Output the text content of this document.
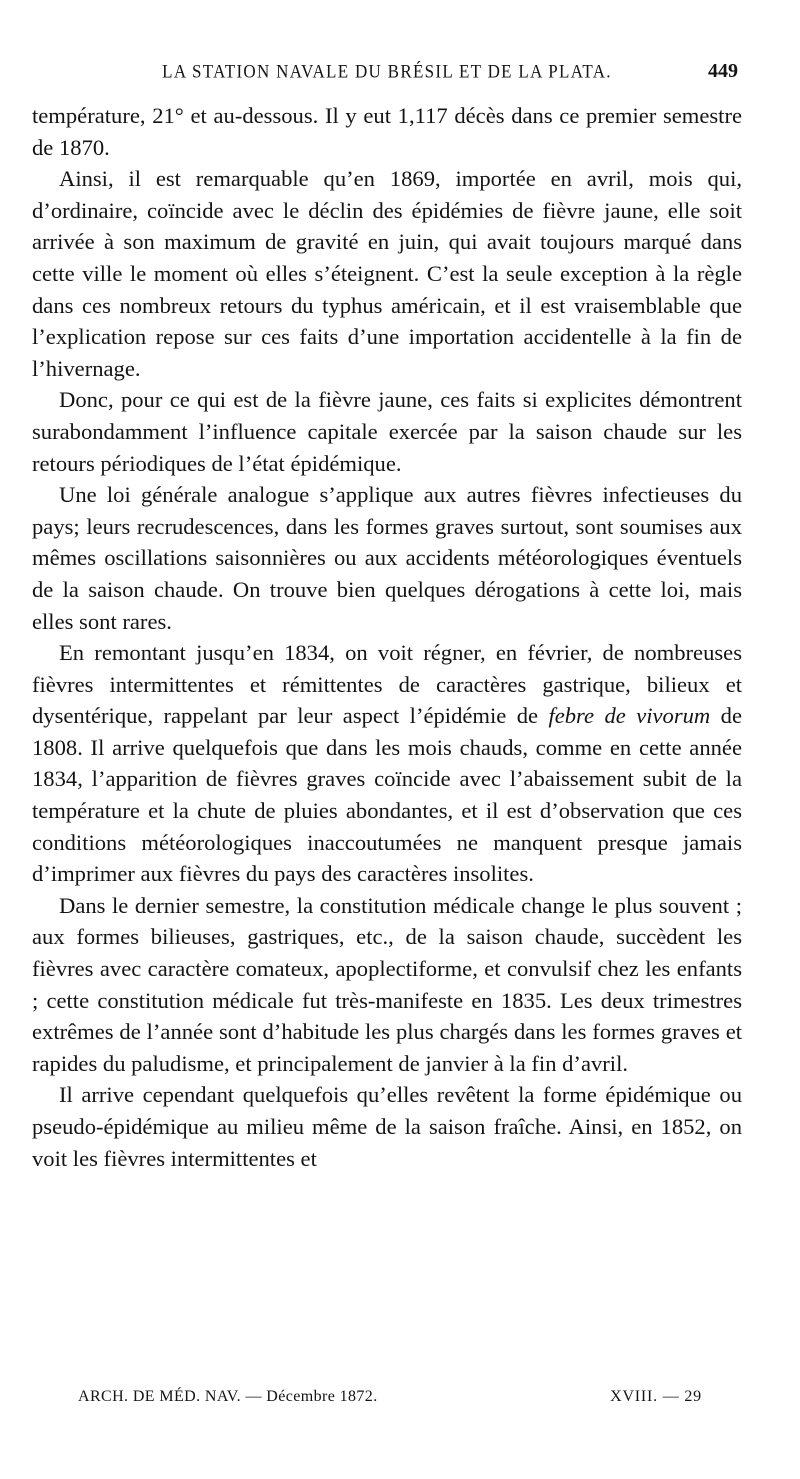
LA STATION NAVALE DU BRÉSIL ET DE LA PLATA.	449

température, 21° et au-dessous. Il y eut 1,117 décès dans ce premier semestre de 1870.

Ainsi, il est remarquable qu’en 1869, importée en avril, mois qui, d’ordinaire, coïncide avec le déclin des épidémies de fièvre jaune, elle soit arrivée à son maximum de gravité en juin, qui avait toujours marqué dans cette ville le moment où elles s’éteignent. C’est la seule exception à la règle dans ces nombreux retours du typhus américain, et il est vraisemblable que l’explication repose sur ces faits d’une importation accidentelle à la fin de l’hivernage.

Donc, pour ce qui est de la fièvre jaune, ces faits si explicites démontrent surabondamment l’influence capitale exercée par la saison chaude sur les retours périodiques de l’état épidémique.

Une loi générale analogue s’applique aux autres fièvres infectieuses du pays; leurs recrudescences, dans les formes graves surtout, sont soumises aux mêmes oscillations saisonnières ou aux accidents météorologiques éventuels de la saison chaude. On trouve bien quelques dérogations à cette loi, mais elles sont rares.

En remontant jusqu’en 1834, on voit régner, en février, de nombreuses fièvres intermittentes et rémittentes de caractères gastrique, bilieux et dysentérique, rappelant par leur aspect l’épidémie de febre de vivorum de 1808. Il arrive quelquefois que dans les mois chauds, comme en cette année 1834, l’apparition de fièvres graves coïncide avec l’abaissement subit de la température et la chute de pluies abondantes, et il est d’observation que ces conditions météorologiques inaccoutumées ne manquent presque jamais d’imprimer aux fièvres du pays des caractères insolites.

Dans le dernier semestre, la constitution médicale change le plus souvent ; aux formes bilieuses, gastriques, etc., de la saison chaude, succèdent les fièvres avec caractère comateux, apoplectiforme, et convulsif chez les enfants ; cette constitution médicale fut très-manifeste en 1835. Les deux trimestres extrêmes de l’année sont d’habitude les plus chargés dans les formes graves et rapides du paludisme, et principalement de janvier à la fin d’avril.

Il arrive cependant quelquefois qu’elles revêtent la forme épidémique ou pseudo-épidémique au milieu même de la saison fraîche. Ainsi, en 1852, on voit les fièvres intermittentes et

ARCH. DE MÉD. NAV. — Décembre 1872.	XVIII. — 29
